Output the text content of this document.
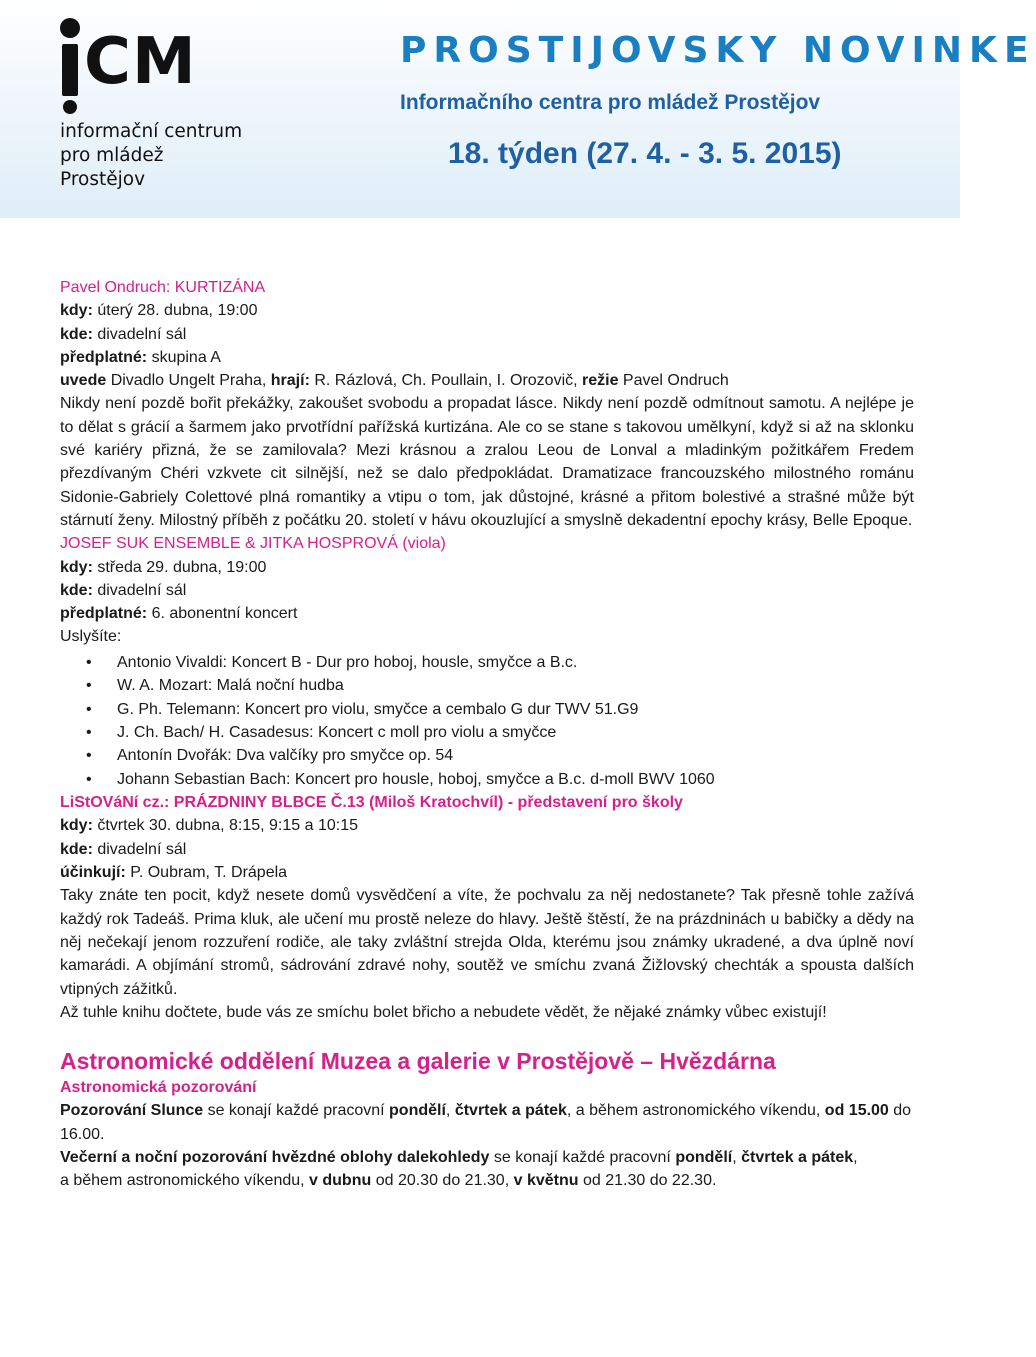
CM
informační centrum
pro mládež
Prostějov
PROSTIJOVSKY NOVINKE
Informačního centra pro mládež Prostějov
18. týden (27. 4. - 3. 5. 2015)
Pavel Ondruch: KURTIZÁNA
kdy: úterý 28. dubna, 19:00
kde: divadelní sál
předplatné: skupina A
uvede Divadlo Ungelt Praha, hrají: R. Rázlová, Ch. Poullain, I. Orozovič, režie Pavel Ondruch
Nikdy není pozdě bořit překážky, zakoušet svobodu a propadat lásce. Nikdy není pozdě odmítnout samotu. A nejlépe je to dělat s grácií a šarmem jako prvotřídní pařížská kurtizána. Ale co se stane s takovou umělkyní, když si až na sklonku své kariéry přizná, že se zamilovala? Mezi krásnou a zralou Leou de Lonval a mladinkým požitkářem Fredem přezdívaným Chéri vzkvete cit silnější, než se dalo předpokládat. Dramatizace francouzského milostného románu Sidonie-Gabriely Colettové plná romantiky a vtipu o tom, jak důstojné, krásné a přitom bolestivé a strašné může být stárnutí ženy. Milostný příběh z počátku 20. století v hávu okouzlující a smyslně dekadentní epochy krásy, Belle Epoque.
JOSEF SUK ENSEMBLE & JITKA HOSPROVÁ (viola)
kdy: středa 29. dubna, 19:00
kde: divadelní sál
předplatné: 6. abonentní koncert
Uslyšíte:
• Antonio Vivaldi: Koncert B - Dur pro hoboj, housle, smyčce a B.c.
• W. A. Mozart: Malá noční hudba
• G. Ph. Telemann: Koncert pro violu, smyčce a cembalo G dur TWV 51.G9
• J. Ch. Bach/ H. Casadesus: Koncert c moll pro violu a smyčce
• Antonín Dvořák: Dva valčíky pro smyčce op. 54
• Johann Sebastian Bach: Koncert pro housle, hoboj, smyčce a B.c. d-moll BWV 1060
LiStOVáNí cz.: PRÁZDNINY BLBCE Č.13 (Miloš Kratochvíl) - představení pro školy
kdy: čtvrtek 30. dubna, 8:15, 9:15 a 10:15
kde: divadelní sál
účinkují: P. Oubram, T. Drápela
Taky znáte ten pocit, když nesete domů vysvědčení a víte, že pochvalu za něj nedostanete? Tak přesně tohle zažívá každý rok Tadeáš. Prima kluk, ale učení mu prostě neleze do hlavy. Ještě štěstí, že na prázdninách u babičky a dědy na něj nečekají jenom rozzuření rodiče, ale taky zvláštní strejda Olda, kterému jsou známky ukradené, a dva úplně noví kamarádi. A objímání stromů, sádrování zdravé nohy, soutěž ve smíchu zvaná Žižlovský chechták a spousta dalších vtipných zážitků.
Až tuhle knihu dočtete, bude vás ze smíchu bolet břicho a nebudete vědět, že nějaké známky vůbec existují!
Astronomické oddělení Muzea a galerie v Prostějově – Hvězdárna
Astronomická pozorování
Pozorování Slunce se konají každé pracovní pondělí, čtvrtek a pátek, a během astronomického víkendu, od 15.00 do 16.00.
Večerní a noční pozorování hvězdné oblohy dalekohledy se konají každé pracovní pondělí, čtvrtek a pátek,
a během astronomického víkendu, v dubnu od 20.30 do 21.30, v květnu od 21.30 do 22.30.
